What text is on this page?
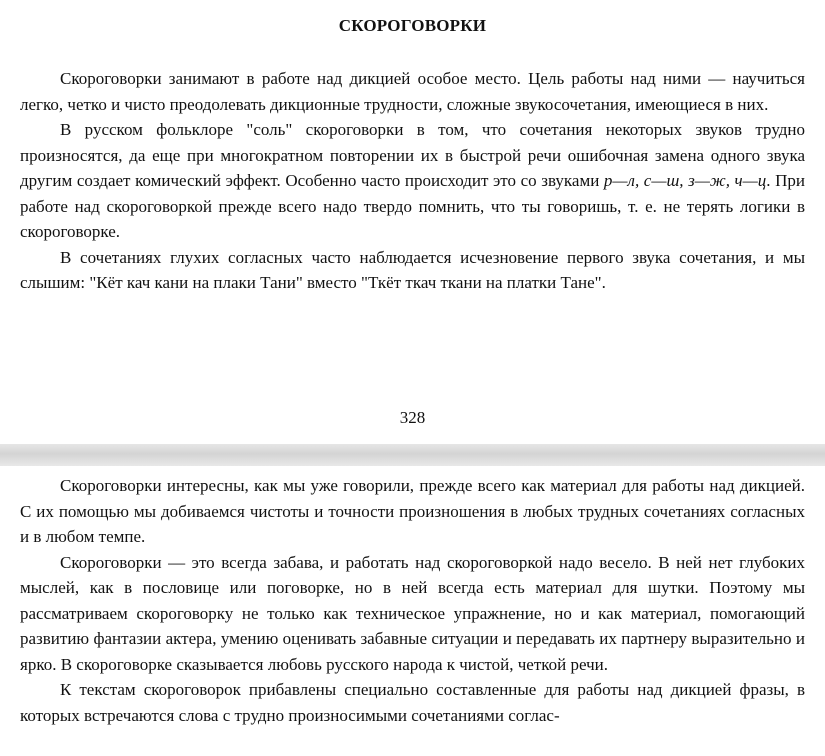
СКОРОГОВОРКИ

Скороговорки занимают в работе над дикцией особое место. Цель работы над ними — научиться легко, четко и чисто преодолевать дикционные трудности, сложные звукосочетания, имеющиеся в них.

В русском фольклоре "соль" скороговорки в том, что сочетания некоторых звуков трудно произносятся, да еще при многократном повторении их в быстрой речи ошибочная замена одного звука другим создает комический эффект. Особенно часто происходит это со звуками р—л, с—ш, з—ж, ч—ц. При работе над скороговоркой прежде всего надо твердо помнить, что ты говоришь, т. е. не терять логики в скороговорке.

В сочетаниях глухих согласных часто наблюдается исчезновение первого звука сочетания, и мы слышим: "Кёт кач кани на плаки Тани" вместо "Ткёт ткач ткани на платки Тане".

328

Скороговорки интересны, как мы уже говорили, прежде всего как материал для работы над дикцией. С их помощью мы добиваемся чистоты и точности произношения в любых трудных сочетаниях согласных и в любом темпе.

Скороговорки — это всегда забава, и работать над скороговоркой надо весело. В ней нет глубоких мыслей, как в пословице или поговорке, но в ней всегда есть материал для шутки. Поэтому мы рассматриваем скороговорку не только как техническое упражнение, но и как материал, помогающий развитию фантазии актера, умению оценивать забавные ситуации и передавать их партнеру выразительно и ярко. В скороговорке сказывается любовь русского народа к чистой, четкой речи.

К текстам скороговорок прибавлены специально составленные для работы над дикцией фразы, в которых встречаются слова с трудно произносимыми сочетаниями соглас-
